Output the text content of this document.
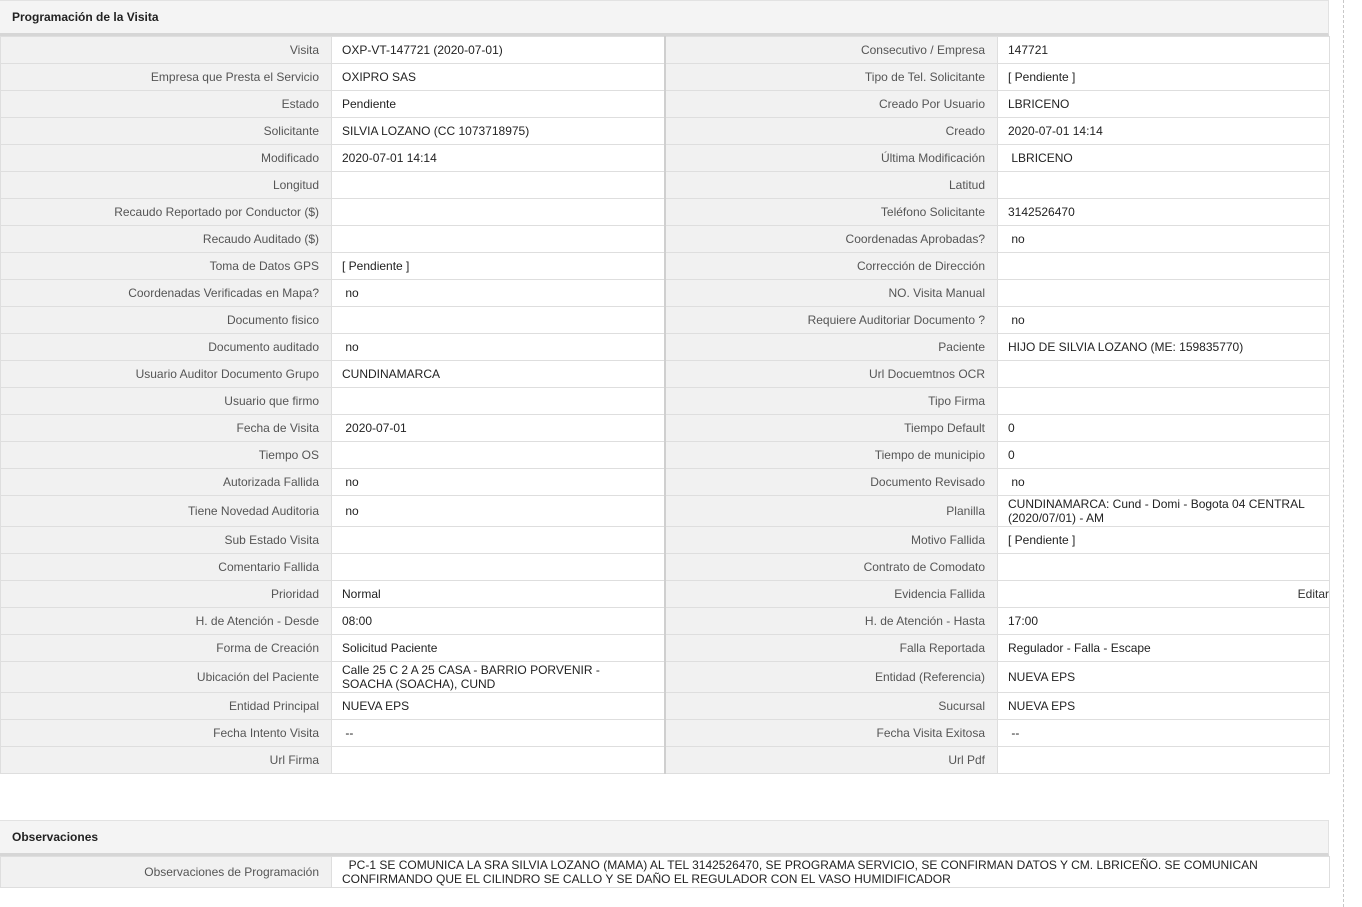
Programación de la Visita
Visita	OXP-VT-147721 (2020-07-01)	Consecutivo / Empresa	147721
Empresa que Presta el Servicio	OXIPRO SAS	Tipo de Tel. Solicitante	[ Pendiente ]
Estado	Pendiente	Creado Por Usuario	LBRICENO
Solicitante	SILVIA LOZANO (CC 1073718975)	Creado	2020-07-01 14:14
Modificado	2020-07-01 14:14	Última Modificación	LBRICENO
Longitud		Latitud	
Recaudo Reportado por Conductor ($)		Teléfono Solicitante	3142526470
Recaudo Auditado ($)		Coordenadas Aprobadas?	no
Toma de Datos GPS	[ Pendiente ]	Corrección de Dirección	
Coordenadas Verificadas en Mapa?	no	NO. Visita Manual	
Documento fisico		Requiere Auditoriar Documento ?	no
Documento auditado	no	Paciente	HIJO DE SILVIA LOZANO (ME: 159835770)
Usuario Auditor Documento Grupo	CUNDINAMARCA	Url Docuemtnos OCR	
Usuario que firmo		Tipo Firma	
Fecha de Visita	2020-07-01	Tiempo Default	0
Tiempo OS		Tiempo de municipio	0
Autorizada Fallida	no	Documento Revisado	no
Tiene Novedad Auditoria	no	Planilla	CUNDINAMARCA: Cund - Domi - Bogota 04 CENTRAL (2020/07/01) - AM
Sub Estado Visita		Motivo Fallida	[ Pendiente ]
Comentario Fallida		Contrato de Comodato	
Prioridad	Normal	Evidencia Fallida	Editar

H. de Atención - Desde	08:00	H. de Atención - Hasta	17:00
Forma de Creación	Solicitud Paciente	Falla Reportada	Regulador - Falla - Escape
Ubicación del Paciente	Calle 25 C 2 A 25 CASA - BARRIO PORVENIR - SOACHA (SOACHA), CUND	Entidad (Referencia)	NUEVA EPS
Entidad Principal	NUEVA EPS	Sucursal	NUEVA EPS
Fecha Intento Visita	--	Fecha Visita Exitosa	--
Url Firma		Url Pdf	
Observaciones
Observaciones de Programación	PC-1 SE COMUNICA LA SRA SILVIA LOZANO (MAMA) AL TEL 3142526470, SE PROGRAMA SERVICIO, SE CONFIRMAN DATOS Y CM. LBRICEÑO. SE COMUNICAN CONFIRMANDO QUE EL CILINDRO SE CALLO Y SE DAÑO EL REGULADOR CON EL VASO HUMIDIFICADOR
